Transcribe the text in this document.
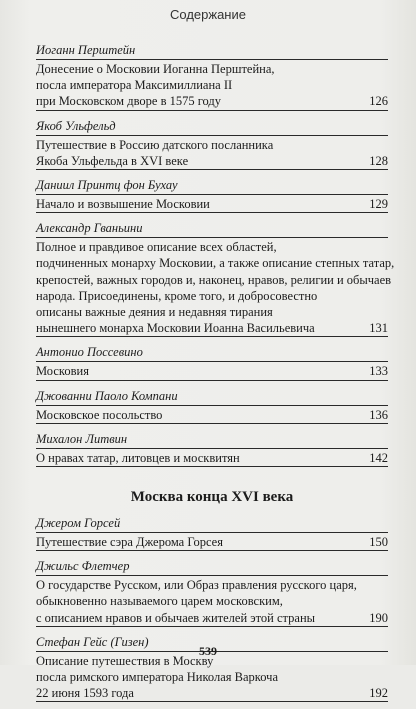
Содержание
Иоганн Перштейн
Донесение о Московии Иоганна Перштейна,
посла императора Максимиллиана II
при Московском дворе в 1575 году	126
Якоб Ульфельд
Путешествие в Россию датского посланника
Якоба Ульфельда в XVI веке	128
Даниил Принтц фон Бухау
Начало и возвышение Московии	129
Александр Гваньини
Полное и правдивое описание всех областей,
подчиненных монарху Московии, а также описание степных татар,
крепостей, важных городов и, наконец, нравов, религии и обычаев
народа. Присоединены, кроме того, и добросовестно
описаны важные деяния и недавняя тирания
нынешнего монарха Московии Иоанна Васильевича	131
Антонио Поссевино
Московия	133
Джованни Паоло Компани
Московское посольство	136
Михалон Литвин
О нравах татар, литовцев и москвитян	142
Москва конца XVI века
Джером Горсей
Путешествие сэра Джерома Горсея	150
Джильс Флетчер
О государстве Русском, или Образ правления русского царя,
обыкновенно называемого царем московским,
с описанием нравов и обычаев жителей этой страны	190
Стефан Гейс (Гизен)
Описание путешествия в Москву
посла римского императора Николая Варкоча
22 июня 1593 года	192
539
